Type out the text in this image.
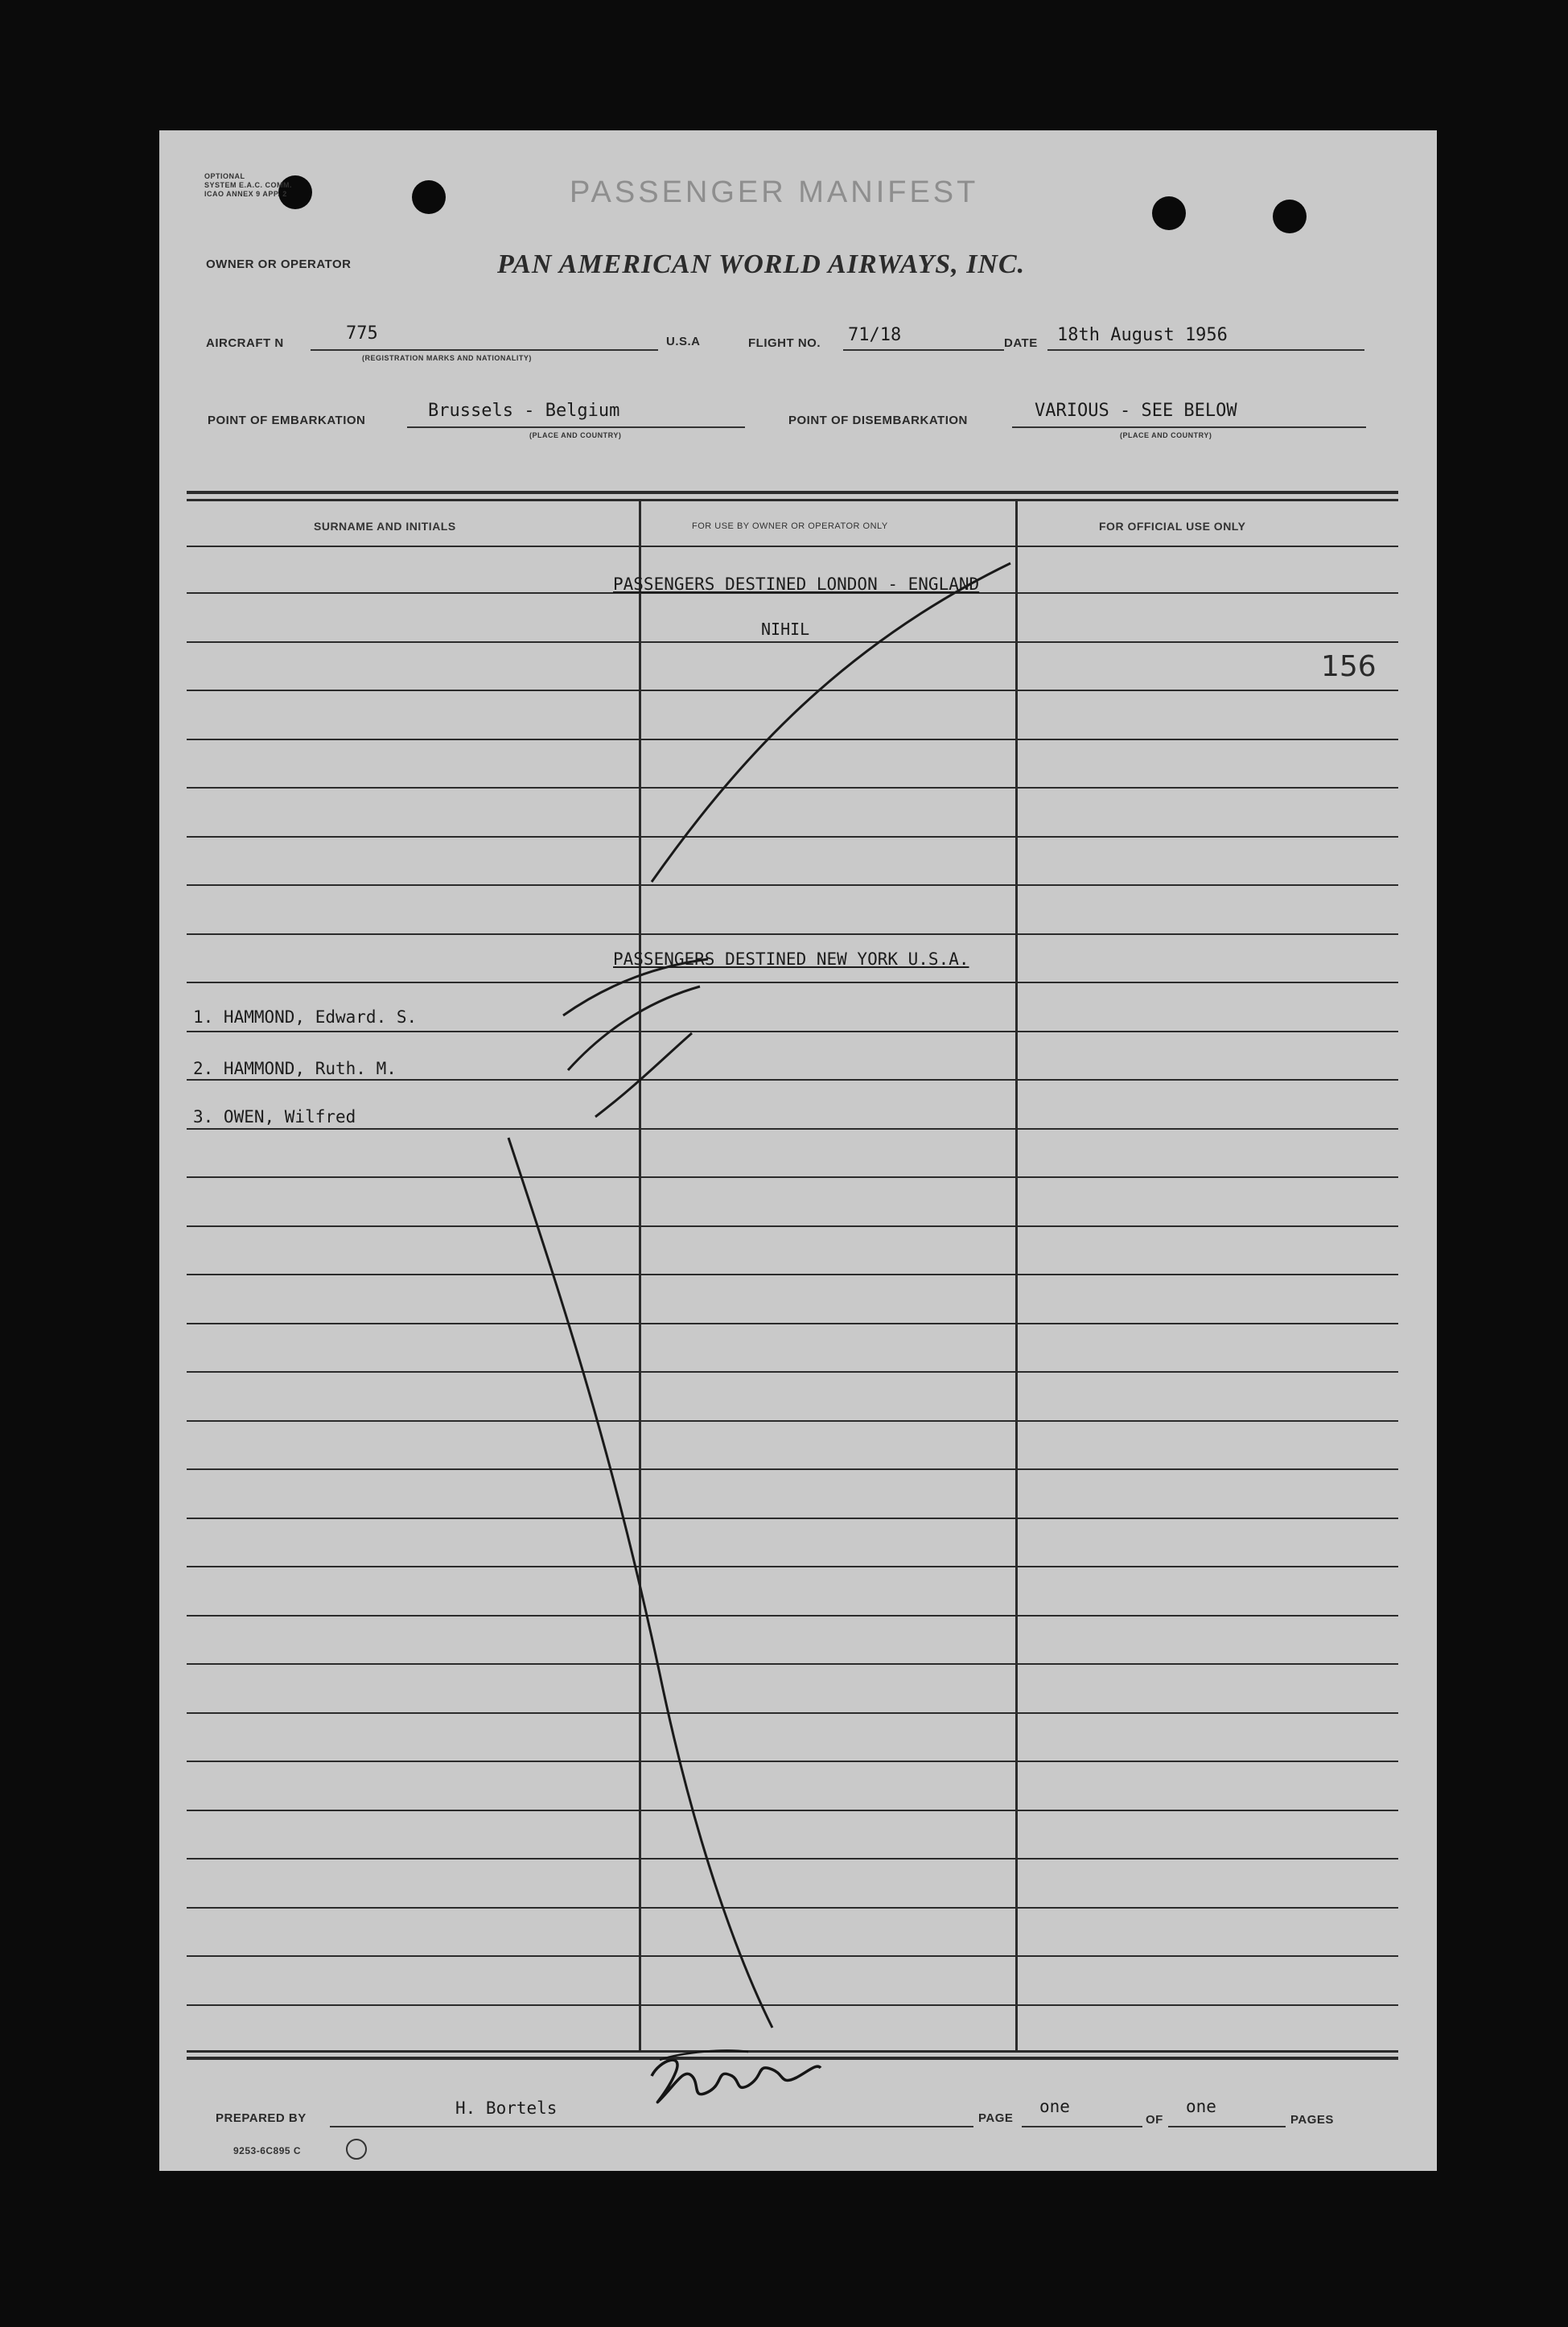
OPTIONAL
SYSTEM E.A.C. COMM.
ICAO ANNEX 9 APP. 2	PASSENGER MANIFEST
OWNER OR OPERATOR	PAN AMERICAN WORLD AIRWAYS, INC.
AIRCRAFT N	775
(REGISTRATION MARKS AND NATIONALITY)
U.S.A	FLIGHT NO. 71/18	DATE 18th August 1956
POINT OF EMBARKATION	Brussels - Belgium
(PLACE AND COUNTRY)
POINT OF DISEMBARKATION	VARIOUS - SEE BELOW
(PLACE AND COUNTRY)
SURNAME AND INITIALS	FOR USE BY OWNER OR OPERATOR ONLY	FOR OFFICIAL USE ONLY
PASSENGERS DESTINED LONDON - ENGLAND
NIHIL
156
PASSENGERS DESTINED NEW YORK U.S.A.
1. HAMMOND, Edward. S.
2. HAMMOND, Ruth. M.
3. OWEN, Wilfred
PREPARED BY
H. Bortels
PAGE
one
OF
one
PAGES
9253-6C895 C
